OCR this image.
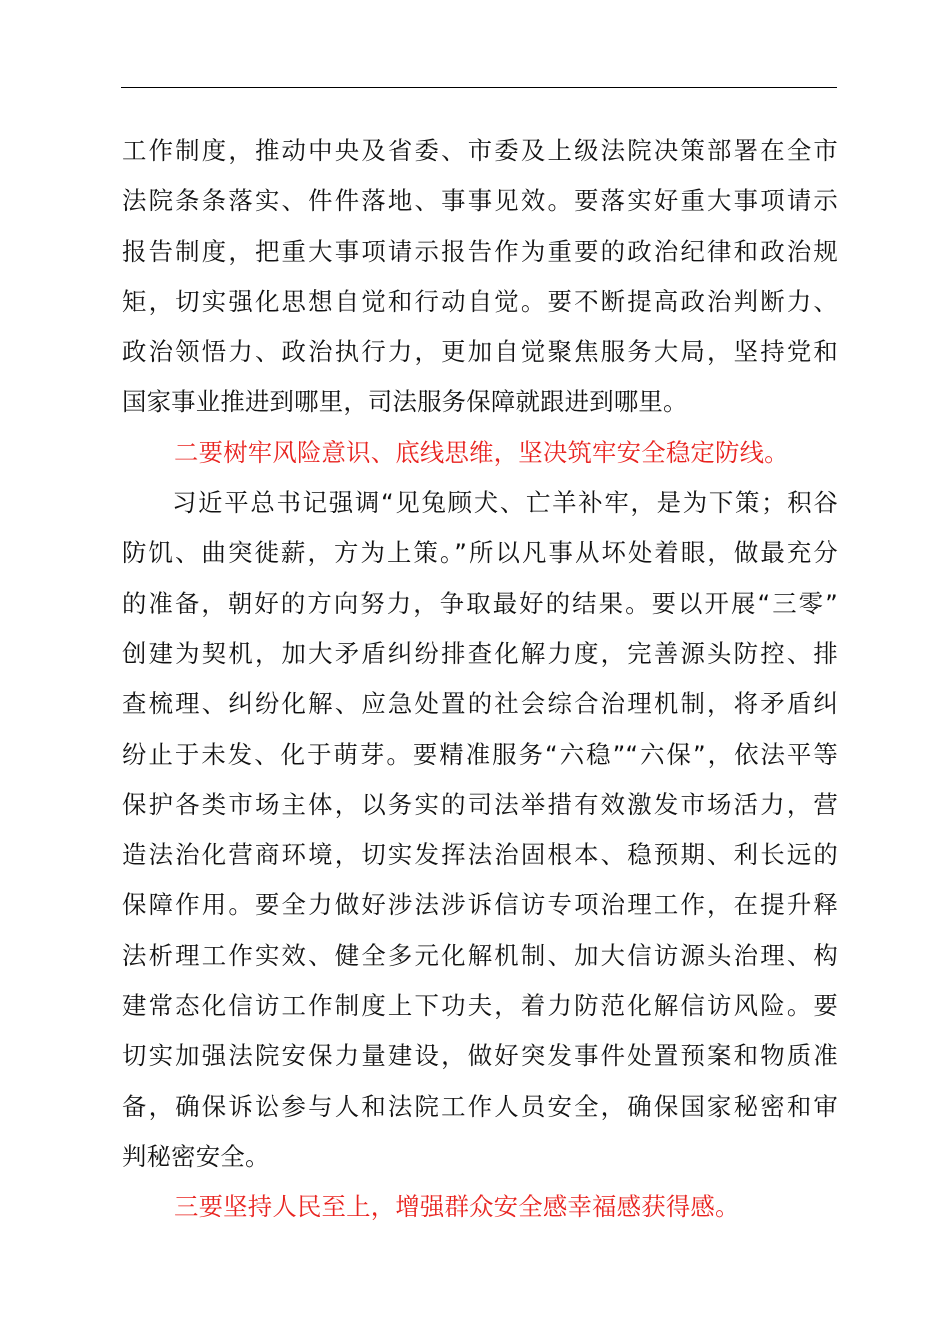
工作制度，推动中央及省委、市委及上级法院决策部署在全市
法院条条落实、件件落地、事事见效。要落实好重大事项请示
报告制度，把重大事项请示报告作为重要的政治纪律和政治规
矩，切实强化思想自觉和行动自觉。要不断提高政治判断力、
政治领悟力、政治执行力，更加自觉聚焦服务大局，坚持党和
国家事业推进到哪里，司法服务保障就跟进到哪里。
二要树牢风险意识、底线思维，坚决筑牢安全稳定防线。
习近平总书记强调“见兔顾犬、亡羊补牢，是为下策；积谷
防饥、曲突徙薪，方为上策。”所以凡事从坏处着眼，做最充分
的准备，朝好的方向努力，争取最好的结果。要以开展“三零”
创建为契机，加大矛盾纠纷排查化解力度，完善源头防控、排
查梳理、纠纷化解、应急处置的社会综合治理机制，将矛盾纠
纷止于未发、化于萌芽。要精准服务“六稳”“六保”，依法平等
保护各类市场主体，以务实的司法举措有效激发市场活力，营
造法治化营商环境，切实发挥法治固根本、稳预期、利长远的
保障作用。要全力做好涉法涉诉信访专项治理工作，在提升释
法析理工作实效、健全多元化解机制、加大信访源头治理、构
建常态化信访工作制度上下功夫，着力防范化解信访风险。要
切实加强法院安保力量建设，做好突发事件处置预案和物质准
备，确保诉讼参与人和法院工作人员安全，确保国家秘密和审
判秘密安全。
三要坚持人民至上，增强群众安全感幸福感获得感。
